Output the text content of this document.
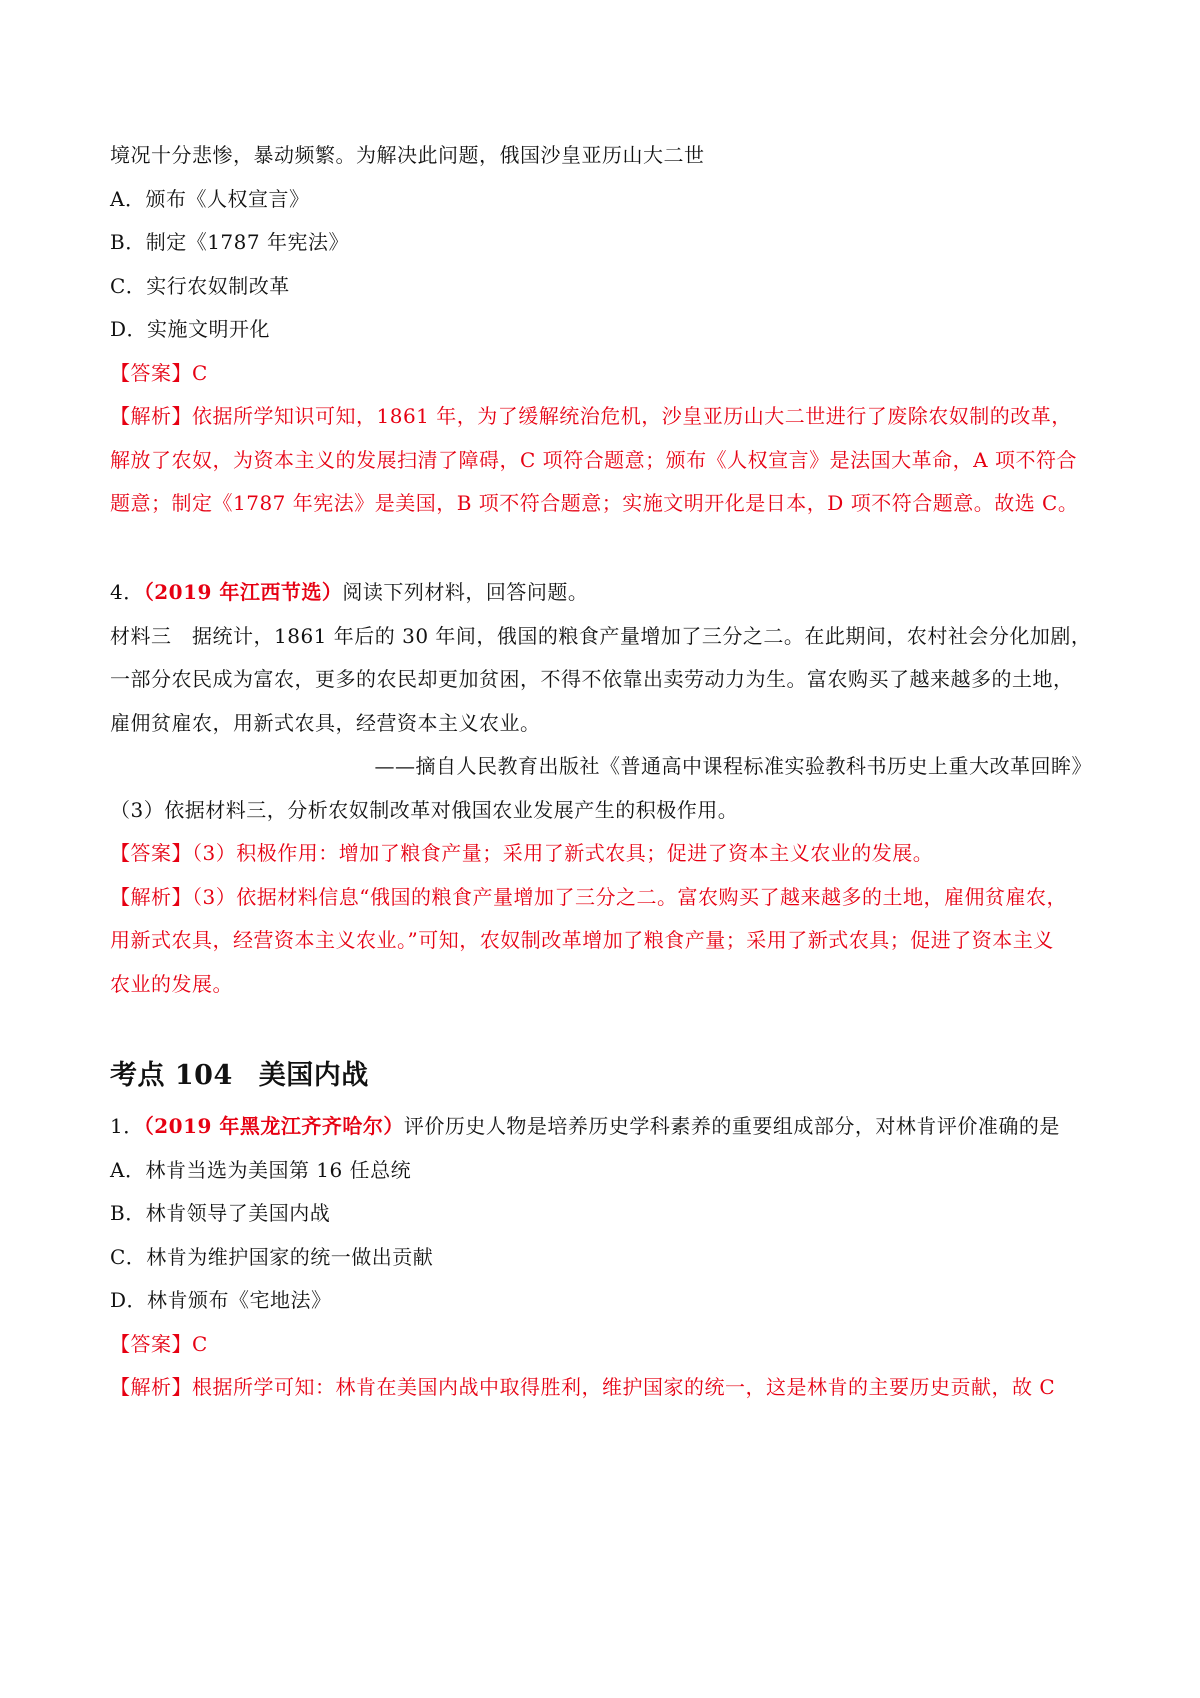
境况十分悲惨，暴动频繁。为解决此问题，俄国沙皇亚历山大二世
A．颁布《人权宣言》
B．制定《1787 年宪法》
C．实行农奴制改革
D．实施文明开化
【答案】C
【解析】依据所学知识可知，1861 年，为了缓解统治危机，沙皇亚历山大二世进行了废除农奴制的改革，
解放了农奴，为资本主义的发展扫清了障碍，C 项符合题意；颁布《人权宣言》是法国大革命，A 项不符合
题意；制定《1787 年宪法》是美国，B 项不符合题意；实施文明开化是日本，D 项不符合题意。故选 C。
4．（2019 年江西节选）阅读下列材料，回答问题。
材料三　据统计，1861 年后的 30 年间，俄国的粮食产量增加了三分之二。在此期间，农村社会分化加剧，
一部分农民成为富农，更多的农民却更加贫困，不得不依靠出卖劳动力为生。富农购买了越来越多的土地，
雇佣贫雇农，用新式农具，经营资本主义农业。
——摘自人民教育出版社《普通高中课程标准实验教科书历史上重大改革回眸》
（3）依据材料三，分析农奴制改革对俄国农业发展产生的积极作用。
【答案】（3）积极作用：增加了粮食产量；采用了新式农具；促进了资本主义农业的发展。
【解析】（3）依据材料信息“俄国的粮食产量增加了三分之二。富农购买了越来越多的土地，雇佣贫雇农，
用新式农具，经营资本主义农业。”可知，农奴制改革增加了粮食产量；采用了新式农具；促进了资本主义
农业的发展。
考点 104 美国内战
1．（2019 年黑龙江齐齐哈尔）评价历史人物是培养历史学科素养的重要组成部分，对林肯评价准确的是
A．林肯当选为美国第 16 任总统
B．林肯领导了美国内战
C．林肯为维护国家的统一做出贡献
D．林肯颁布《宅地法》
【答案】C
【解析】根据所学可知：林肯在美国内战中取得胜利，维护国家的统一，这是林肯的主要历史贡献，故 C
